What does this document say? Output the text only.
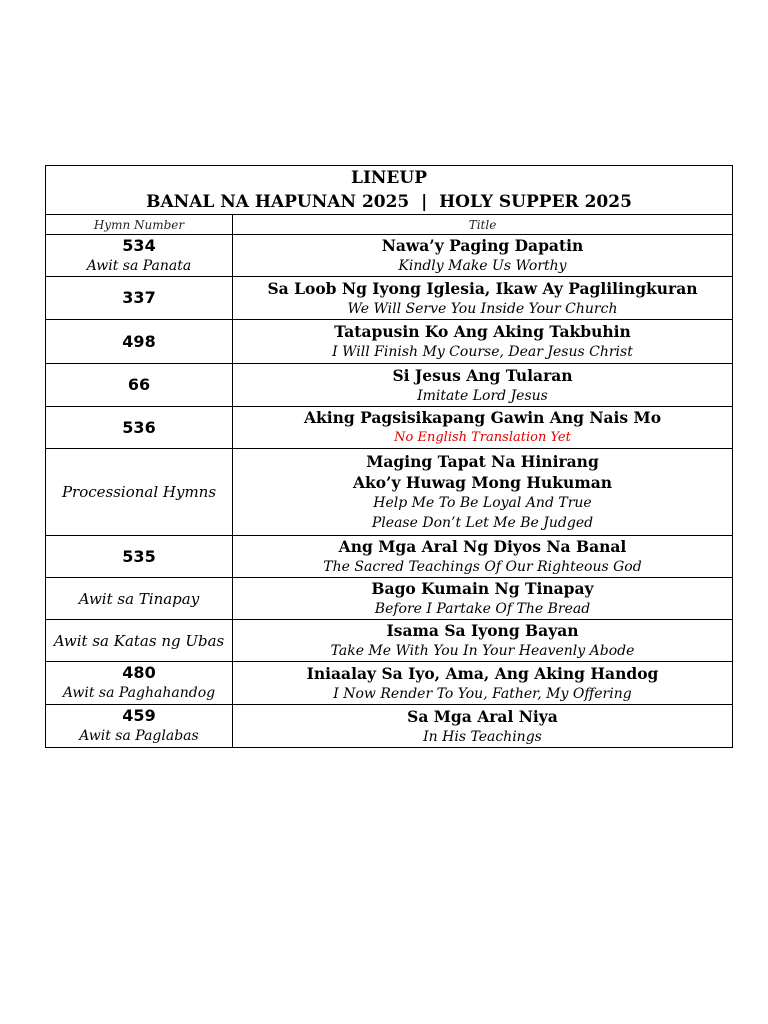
LINEUP
BANAL NA HAPUNAN 2025  |  HOLY SUPPER 2025	

Hymn Number	Title

534
Awit sa Panata	Nawa’y Paging Dapatin
Kindly Make Us Worthy

337	Sa Loob Ng Iyong Iglesia, Ikaw Ay Paglilingkuran
We Will Serve You Inside Your Church

498	Tatapusin Ko Ang Aking Takbuhin
I Will Finish My Course, Dear Jesus Christ

66	Si Jesus Ang Tularan
Imitate Lord Jesus

536	Aking Pagsisikapang Gawin Ang Nais Mo
No English Translation Yet

Processional Hymns	Maging Tapat Na Hinirang
Ako’y Huwag Mong Hukuman
Help Me To Be Loyal And True
Please Don’t Let Me Be Judged

535	Ang Mga Aral Ng Diyos Na Banal
The Sacred Teachings Of Our Righteous God

Awit sa Tinapay	Bago Kumain Ng Tinapay
Before I Partake Of The Bread

Awit sa Katas ng Ubas	Isama Sa Iyong Bayan
Take Me With You In Your Heavenly Abode

480
Awit sa Paghahandog	Iniaalay Sa Iyo, Ama, Ang Aking Handog
I Now Render To You, Father, My Offering

459
Awit sa Paglabas	Sa Mga Aral Niya
In His Teachings
